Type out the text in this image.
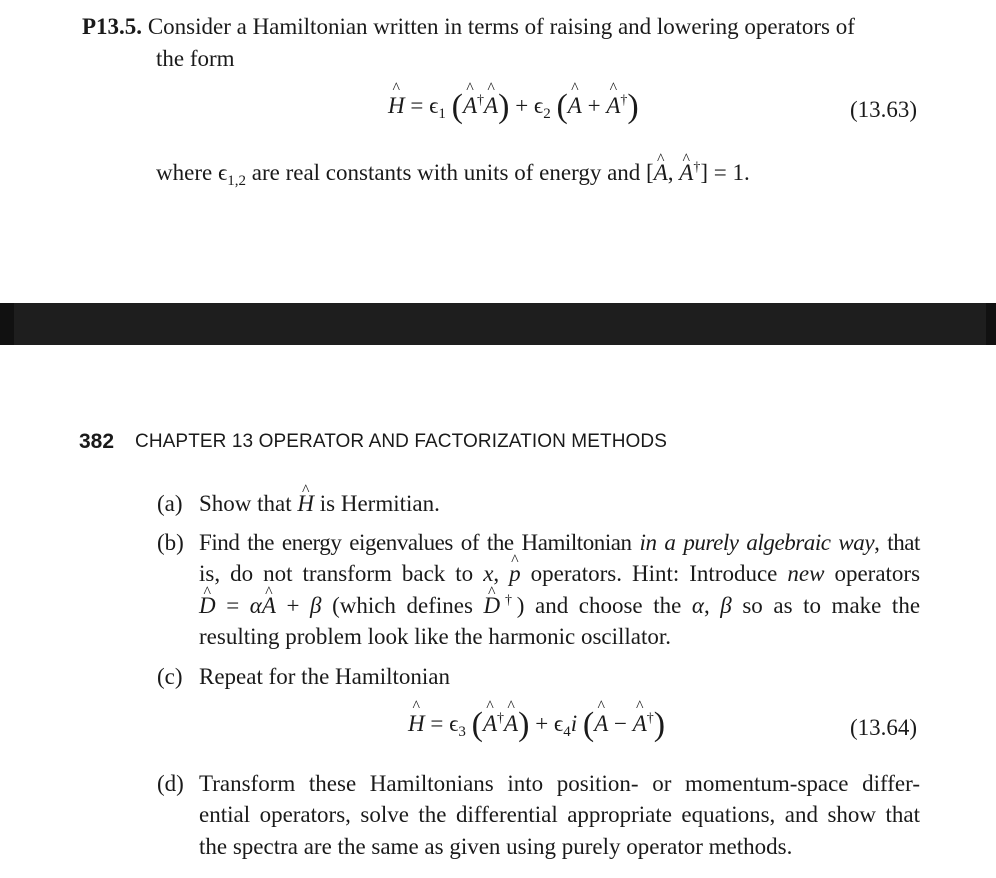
P13.5. Consider a Hamiltonian written in terms of raising and lowering operators of
the form
^ $H = \epsilon_1$ (^ A†^ $A) + \epsilon_2$ (^ A + ^ A†)	(13.63)
where $\epsilon_{1,2}$ are real constants with units of energy and [^ A, ^ A†] = 1.
382 CHAPTER 13 OPERATOR AND FACTORIZATION METHODS
(a) Show that ^ H is Hermitian.
(b) Find the energy eigenvalues of the Hamiltonian in a purely algebraic way, that
is, do not transform back to x, ^ p operators. Hint: Introduce new operators
^ D = α^ A + β (which defines ^ D†) and choose the α, β so as to make the
resulting problem look like the harmonic oscillator.
(c) Repeat for the Hamiltonian
^ $H = \epsilon_3$ (^ A†^ $A) + \epsilon_4i$ (^ A − ^ A†)	(13.64)
(d) Transform these Hamiltonians into position- or momentum-space differ-
ential operators, solve the differential appropriate equations, and show that
the spectra are the same as given using purely operator methods.
